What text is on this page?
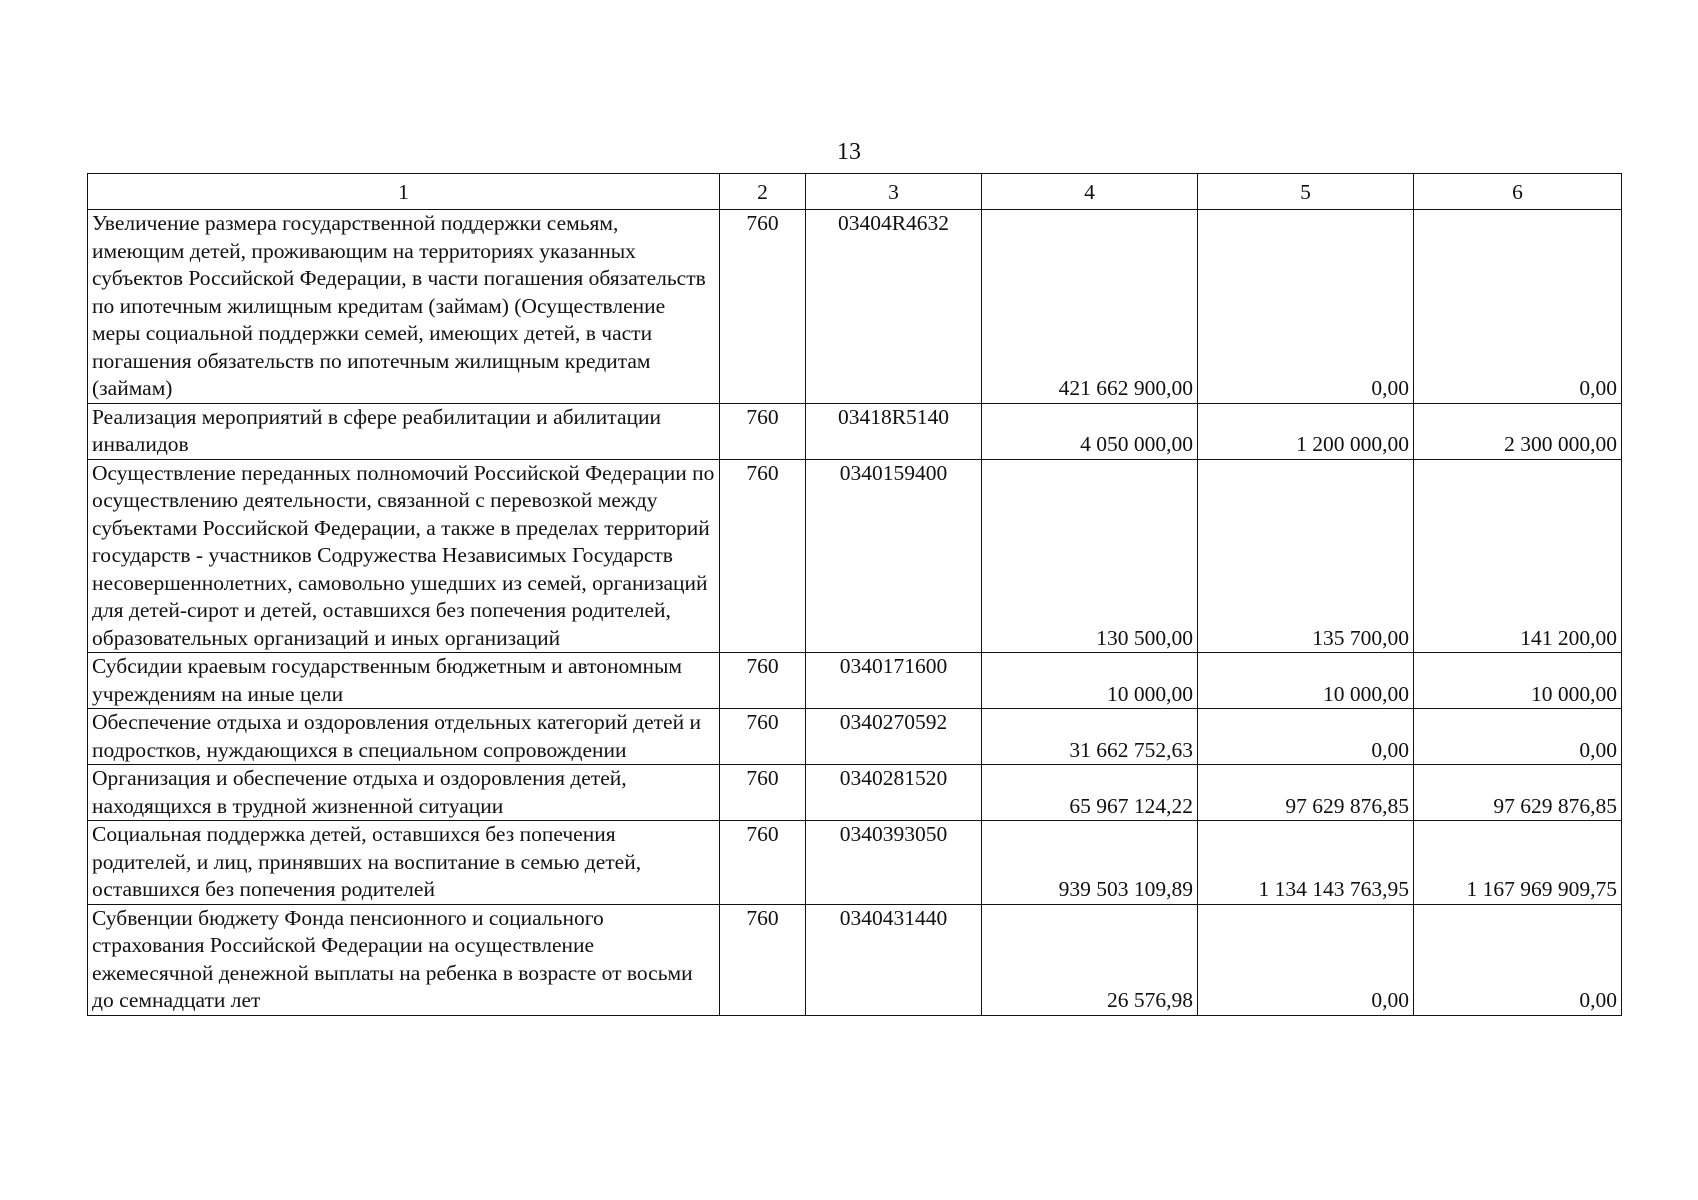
13
1	2	3	4	5	6
Увеличение размера государственной поддержки семьям, имеющим детей, проживающим на территориях указанных субъектов Российской Федерации, в части погашения обязательств по ипотечным жилищным кредитам (займам) (Осуществление меры социальной поддержки семей, имеющих детей, в части погашения обязательств по ипотечным жилищным кредитам (займам)	760	03404R4632	421 662 900,00	0,00	0,00
Реализация мероприятий в сфере реабилитации и абилитации инвалидов	760	03418R5140	4 050 000,00	1 200 000,00	2 300 000,00
Осуществление переданных полномочий Российской Федерации по осуществлению деятельности, связанной с перевозкой между субъектами Российской Федерации, а также в пределах территорий государств - участников Содружества Независимых Государств несовершеннолетних, самовольно ушедших из семей, организаций для детей-сирот и детей, оставшихся без попечения родителей, образовательных организаций и иных организаций	760	0340159400	130 500,00	135 700,00	141 200,00
Субсидии краевым государственным бюджетным и автономным учреждениям на иные цели	760	0340171600	10 000,00	10 000,00	10 000,00
Обеспечение отдыха и оздоровления отдельных категорий детей и подростков, нуждающихся в специальном сопровождении	760	0340270592	31 662 752,63	0,00	0,00
Организация и обеспечение отдыха и оздоровления детей, находящихся в трудной жизненной ситуации	760	0340281520	65 967 124,22	97 629 876,85	97 629 876,85
Социальная поддержка детей, оставшихся без попечения родителей, и лиц, принявших на воспитание в семью детей, оставшихся без попечения родителей	760	0340393050	939 503 109,89	1 134 143 763,95	1 167 969 909,75
Субвенции бюджету Фонда пенсионного и социального страхования Российской Федерации на осуществление ежемесячной денежной выплаты на ребенка в возрасте от восьми до семнадцати лет	760	0340431440	26 576,98	0,00	0,00
